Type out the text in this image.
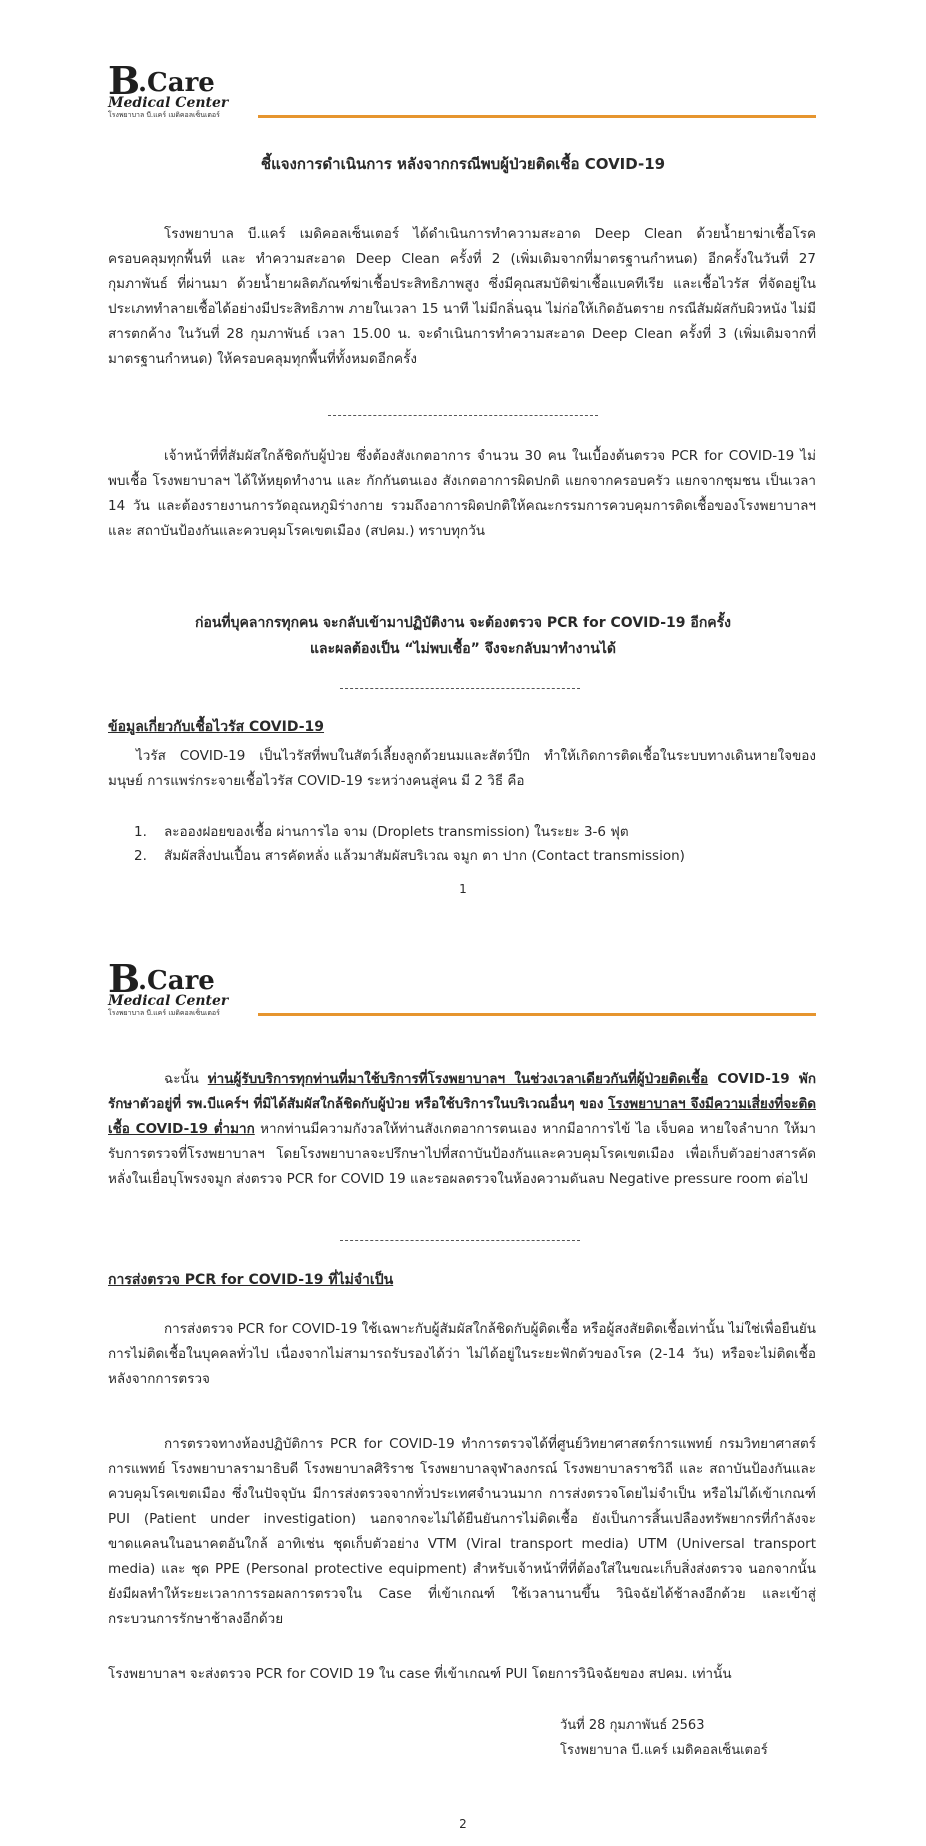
B
.Care
Medical Center
โรงพยาบาล บี.แคร์ เมดิคอลเซ็นเตอร์
ชี้แจงการดำเนินการ หลังจากกรณีพบผู้ป่วยติดเชื้อ COVID-19
โรงพยาบาล บี.แคร์ เมดิคอลเซ็นเตอร์ ได้ดำเนินการทำความสะอาด Deep Clean ด้วยน้ำยาฆ่าเชื้อโรค ครอบคลุมทุกพื้นที่ และ ทำความสะอาด Deep Clean ครั้งที่ 2 (เพิ่มเติมจากที่มาตรฐานกำหนด) อีกครั้งในวันที่ 27 กุมภาพันธ์ ที่ผ่านมา ด้วยน้ำยาผลิตภัณฑ์ฆ่าเชื้อประสิทธิภาพสูง ซึ่งมีคุณสมบัติฆ่าเชื้อแบคทีเรีย และเชื้อไวรัส ที่จัดอยู่ในประเภททำลายเชื้อได้อย่างมีประสิทธิภาพ ภายในเวลา 15 นาที ไม่มีกลิ่นฉุน ไม่ก่อให้เกิดอันตราย กรณีสัมผัสกับผิวหนัง ไม่มีสารตกค้าง ในวันที่ 28 กุมภาพันธ์ เวลา 15.00 น. จะดำเนินการทำความสะอาด Deep Clean ครั้งที่ 3 (เพิ่มเติมจากที่มาตรฐานกำหนด) ให้ครอบคลุมทุกพื้นที่ทั้งหมดอีกครั้ง
เจ้าหน้าที่ที่สัมผัสใกล้ชิดกับผู้ป่วย ซึ่งต้องสังเกตอาการ จำนวน 30 คน ในเบื้องต้นตรวจ PCR for COVID-19 ไม่พบเชื้อ โรงพยาบาลฯ ได้ให้หยุดทำงาน และ กักกันตนเอง สังเกตอาการผิดปกติ แยกจากครอบครัว แยกจากชุมชน เป็นเวลา 14 วัน และต้องรายงานการวัดอุณหภูมิร่างกาย รวมถึงอาการผิดปกติให้คณะกรรมการควบคุมการติดเชื้อของโรงพยาบาลฯ และ สถาบันป้องกันและควบคุมโรคเขตเมือง (สปคม.) ทราบทุกวัน
ก่อนที่บุคลากรทุกคน จะกลับเข้ามาปฏิบัติงาน จะต้องตรวจ PCR for COVID-19 อีกครั้ง
และผลต้องเป็น “ไม่พบเชื้อ” จึงจะกลับมาทำงานได้
ข้อมูลเกี่ยวกับเชื้อไวรัส COVID-19
ไวรัส COVID-19 เป็นไวรัสที่พบในสัตว์เลี้ยงลูกด้วยนมและสัตว์ปีก ทำให้เกิดการติดเชื้อในระบบทางเดินหายใจของมนุษย์ การแพร่กระจายเชื้อไวรัส COVID-19 ระหว่างคนสู่คน มี 2 วิธี คือ
1. ละอองฝอยของเชื้อ ผ่านการไอ จาม (Droplets transmission) ในระยะ 3-6 ฟุต
2. สัมผัสสิ่งปนเปื้อน สารคัดหลั่ง แล้วมาสัมผัสบริเวณ จมูก ตา ปาก (Contact transmission)
1
B
.Care
Medical Center
โรงพยาบาล บี.แคร์ เมดิคอลเซ็นเตอร์
ฉะนั้น ท่านผู้รับบริการทุกท่านที่มาใช้บริการที่โรงพยาบาลฯ ในช่วงเวลาเดียวกันที่ผู้ป่วยติดเชื้อ COVID-19 พักรักษาตัวอยู่ที่ รพ.บีแคร์ฯ ที่มิได้สัมผัสใกล้ชิดกับผู้ป่วย หรือใช้บริการในบริเวณอื่นๆ ของ โรงพยาบาลฯ จึงมีความเสี่ยงที่จะติดเชื้อ COVID-19 ต่ำมาก หากท่านมีความกังวลให้ท่านสังเกตอาการตนเอง หากมีอาการไข้ ไอ เจ็บคอ หายใจลำบาก ให้มารับการตรวจที่โรงพยาบาลฯ โดยโรงพยาบาลจะปรึกษาไปที่สถาบันป้องกันและควบคุมโรคเขตเมือง เพื่อเก็บตัวอย่างสารคัดหลั่งในเยื่อบุโพรงจมูก ส่งตรวจ PCR for COVID 19 และรอผลตรวจในห้องความดันลบ Negative pressure room ต่อไป
การส่งตรวจ PCR for COVID-19 ที่ไม่จำเป็น
การส่งตรวจ PCR for COVID-19 ใช้เฉพาะกับผู้สัมผัสใกล้ชิดกับผู้ติดเชื้อ หรือผู้สงสัยติดเชื้อเท่านั้น ไม่ใช่เพื่อยืนยันการไม่ติดเชื้อในบุคคลทั่วไป เนื่องจากไม่สามารถรับรองได้ว่า ไม่ได้อยู่ในระยะฟักตัวของโรค (2-14 วัน) หรือจะไม่ติดเชื้อหลังจากการตรวจ
การตรวจทางห้องปฏิบัติการ PCR for COVID-19 ทำการตรวจได้ที่ศูนย์วิทยาศาสตร์การแพทย์ กรมวิทยาศาสตร์การแพทย์ โรงพยาบาลรามาธิบดี โรงพยาบาลศิริราช โรงพยาบาลจุฬาลงกรณ์ โรงพยาบาลราชวิถี และ สถาบันป้องกันและควบคุมโรคเขตเมือง ซึ่งในปัจจุบัน มีการส่งตรวจจากทั่วประเทศจำนวนมาก การส่งตรวจโดยไม่จำเป็น หรือไม่ได้เข้าเกณฑ์ PUI (Patient under investigation) นอกจากจะไม่ได้ยืนยันการไม่ติดเชื้อ ยังเป็นการสิ้นเปลืองทรัพยากรที่กำลังจะขาดแคลนในอนาคตอันใกล้ อาทิเช่น ชุดเก็บตัวอย่าง VTM (Viral transport media) UTM (Universal transport media) และ ชุด PPE (Personal protective equipment) สำหรับเจ้าหน้าที่ที่ต้องใส่ในขณะเก็บสิ่งส่งตรวจ นอกจากนั้น ยังมีผลทำให้ระยะเวลาการรอผลการตรวจใน Case ที่เข้าเกณฑ์ ใช้เวลานานขึ้น วินิจฉัยได้ช้าลงอีกด้วย และเข้าสู่กระบวนการรักษาช้าลงอีกด้วย
โรงพยาบาลฯ จะส่งตรวจ PCR for COVID 19 ใน case ที่เข้าเกณฑ์ PUI โดยการวินิจฉัยของ สปคม. เท่านั้น
วันที่ 28 กุมภาพันธ์ 2563
โรงพยาบาล บี.แคร์ เมดิคอลเซ็นเตอร์
2
